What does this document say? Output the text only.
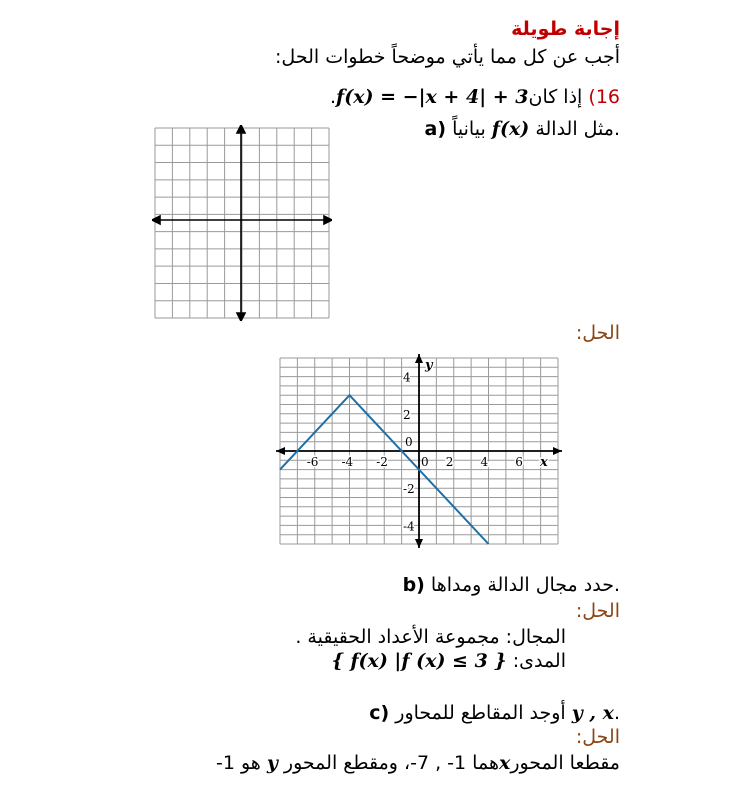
إجابة طويلة
أجب عن كل مما يأتي موضحاً خطوات الحل:
16) إذا كانf(x) = −|x + 4| + 3.
a)	مثل الدالة f(x) بيانياً.
الحل:
-6 -4 -2	0 2 4 6
4
2
0
-2
-4
x
y
b) حدد مجال الدالة ومداها.
الحل:
المجال: مجموعة الأعداد الحقيقية .
المدى: { f(x) |f (x) ≤ 3 }
c) أوجد المقاطع للمحاور y , x.
الحل:
مقطعا المحورxهما 1- , 7-، ومقطع المحور y هو 1-
